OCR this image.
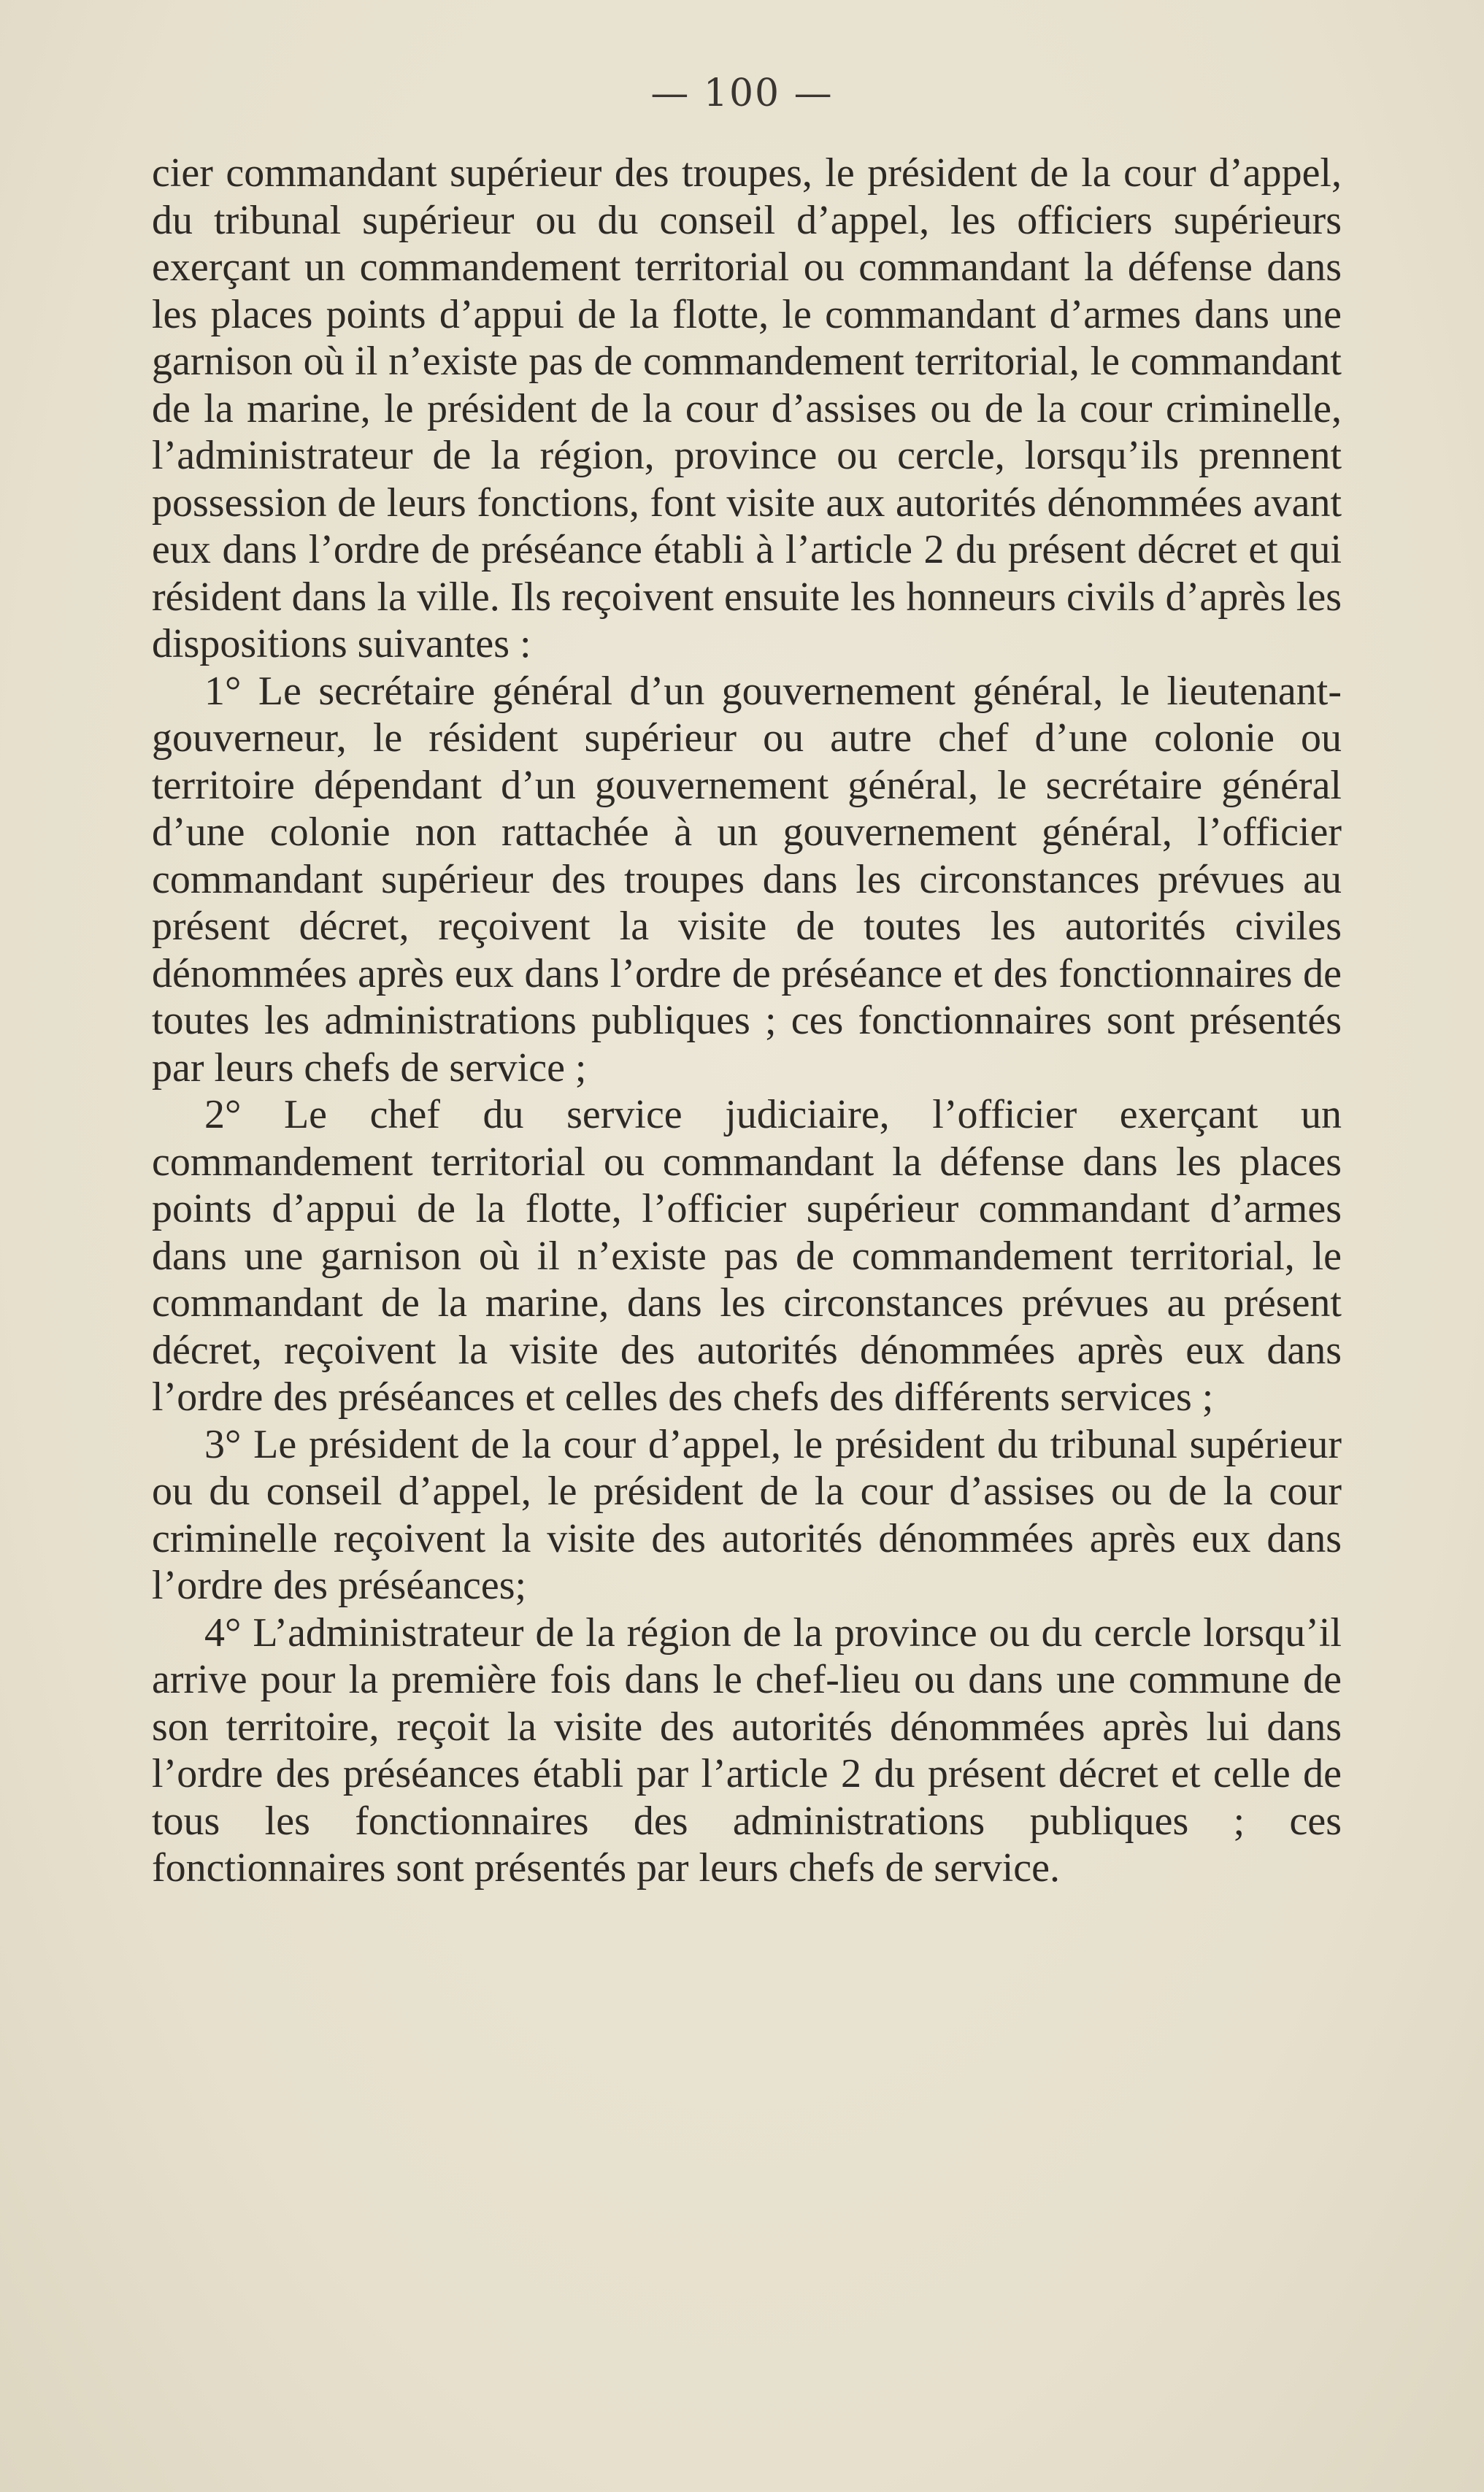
— 100 —

cier commandant supérieur des troupes, le président de la cour d’appel, du tribunal supérieur ou du conseil d’appel, les officiers supérieurs exerçant un commandement territorial ou commandant la défense dans les places points d’appui de la flotte, le commandant d’armes dans une garnison où il n’existe pas de commandement territorial, le commandant de la marine, le président de la cour d’assises ou de la cour criminelle, l’administrateur de la région, province ou cercle, lorsqu’ils prennent possession de leurs fonctions, font visite aux autorités dénommées avant eux dans l’ordre de préséance établi à l’article 2 du présent décret et qui résident dans la ville. Ils reçoivent ensuite les honneurs civils d’après les dispositions suivantes :

1° Le secrétaire général d’un gouvernement général, le lieutenant-gouverneur, le résident supérieur ou autre chef d’une colonie ou territoire dépendant d’un gouvernement général, le secrétaire général d’une colonie non rattachée à un gouvernement général, l’officier commandant supérieur des troupes dans les circonstances prévues au présent décret, reçoivent la visite de toutes les autorités civiles dénommées après eux dans l’ordre de préséance et des fonctionnaires de toutes les administrations publiques ; ces fonctionnaires sont présentés par leurs chefs de service ;

2° Le chef du service judiciaire, l’officier exerçant un commandement territorial ou commandant la défense dans les places points d’appui de la flotte, l’officier supérieur commandant d’armes dans une garnison où il n’existe pas de commandement territorial, le commandant de la marine, dans les circonstances prévues au présent décret, reçoivent la visite des autorités dénommées après eux dans l’ordre des préséances et celles des chefs des différents services ;

3° Le président de la cour d’appel, le président du tribunal supérieur ou du conseil d’appel, le président de la cour d’assises ou de la cour criminelle reçoivent la visite des autorités dénommées après eux dans l’ordre des préséances;

4° L’administrateur de la région de la province ou du cercle lorsqu’il arrive pour la première fois dans le chef-lieu ou dans une commune de son territoire, reçoit la visite des autorités dénommées après lui dans l’ordre des préséances établi par l’article 2 du présent décret et celle de tous les fonctionnaires des administrations publiques ; ces fonctionnaires sont présentés par leurs chefs de service.
